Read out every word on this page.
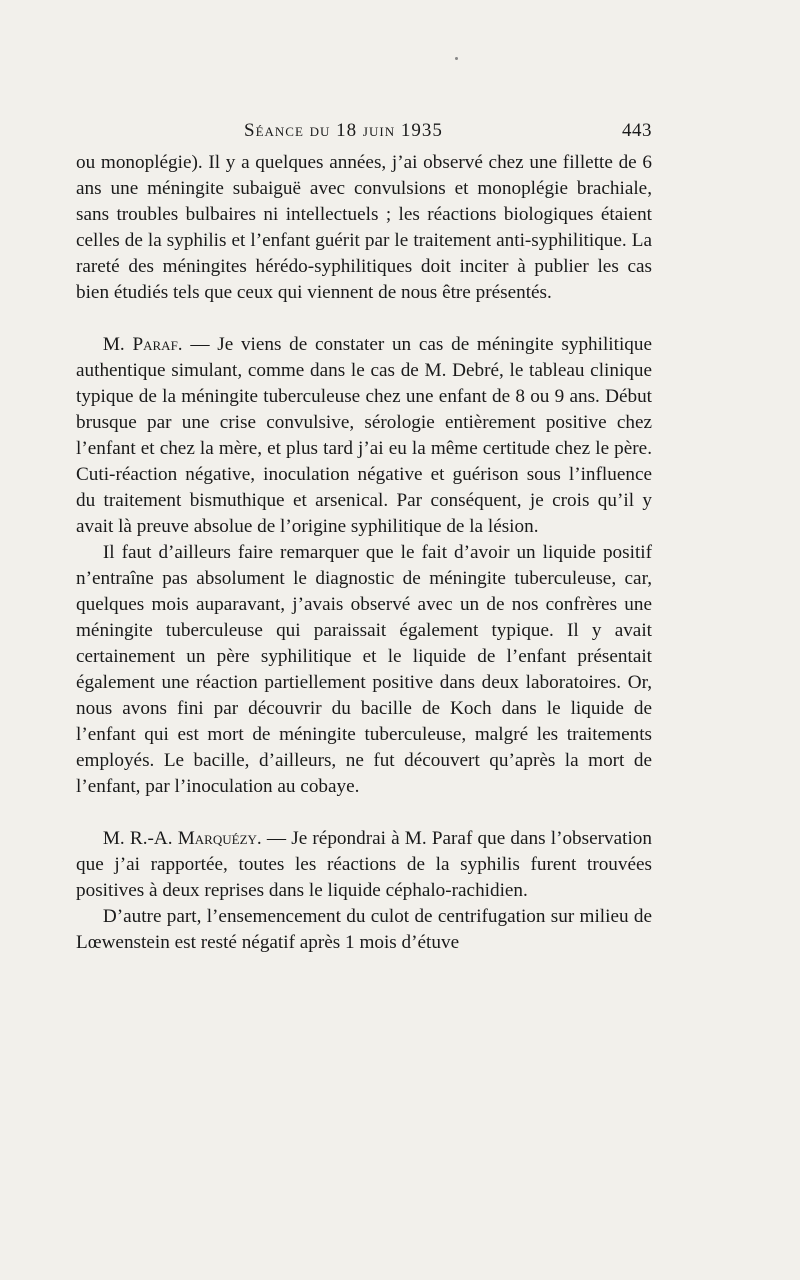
Séance du 18 juin 1935	443

ou monoplégie). Il y a quelques années, j’ai observé chez une fillette de 6 ans une méningite subaiguë avec convulsions et monoplégie brachiale, sans troubles bulbaires ni intellectuels ; les réactions biologiques étaient celles de la syphilis et l’enfant guérit par le traitement anti-syphilitique. La rareté des méningites hérédo-syphilitiques doit inciter à publier les cas bien étudiés tels que ceux qui viennent de nous être présentés.

M. Paraf. — Je viens de constater un cas de méningite syphilitique authentique simulant, comme dans le cas de M. Debré, le tableau clinique typique de la méningite tuberculeuse chez une enfant de 8 ou 9 ans. Début brusque par une crise convulsive, sérologie entièrement positive chez l’enfant et chez la mère, et plus tard j’ai eu la même certitude chez le père. Cuti-réaction négative, inoculation négative et guérison sous l’influence du traitement bismuthique et arsenical. Par conséquent, je crois qu’il y avait là preuve absolue de l’origine syphilitique de la lésion.

Il faut d’ailleurs faire remarquer que le fait d’avoir un liquide positif n’entraîne pas absolument le diagnostic de méningite tuberculeuse, car, quelques mois auparavant, j’avais observé avec un de nos confrères une méningite tuberculeuse qui paraissait également typique. Il y avait certainement un père syphilitique et le liquide de l’enfant présentait également une réaction partiellement positive dans deux laboratoires. Or, nous avons fini par découvrir du bacille de Koch dans le liquide de l’enfant qui est mort de méningite tuberculeuse, malgré les traitements employés. Le bacille, d’ailleurs, ne fut découvert qu’après la mort de l’enfant, par l’inoculation au cobaye.

M. R.-A. Marquézy. — Je répondrai à M. Paraf que dans l’observation que j’ai rapportée, toutes les réactions de la syphilis furent trouvées positives à deux reprises dans le liquide céphalo-rachidien.

D’autre part, l’ensemencement du culot de centrifugation sur milieu de Lœwenstein est resté négatif après 1 mois d’étuve
